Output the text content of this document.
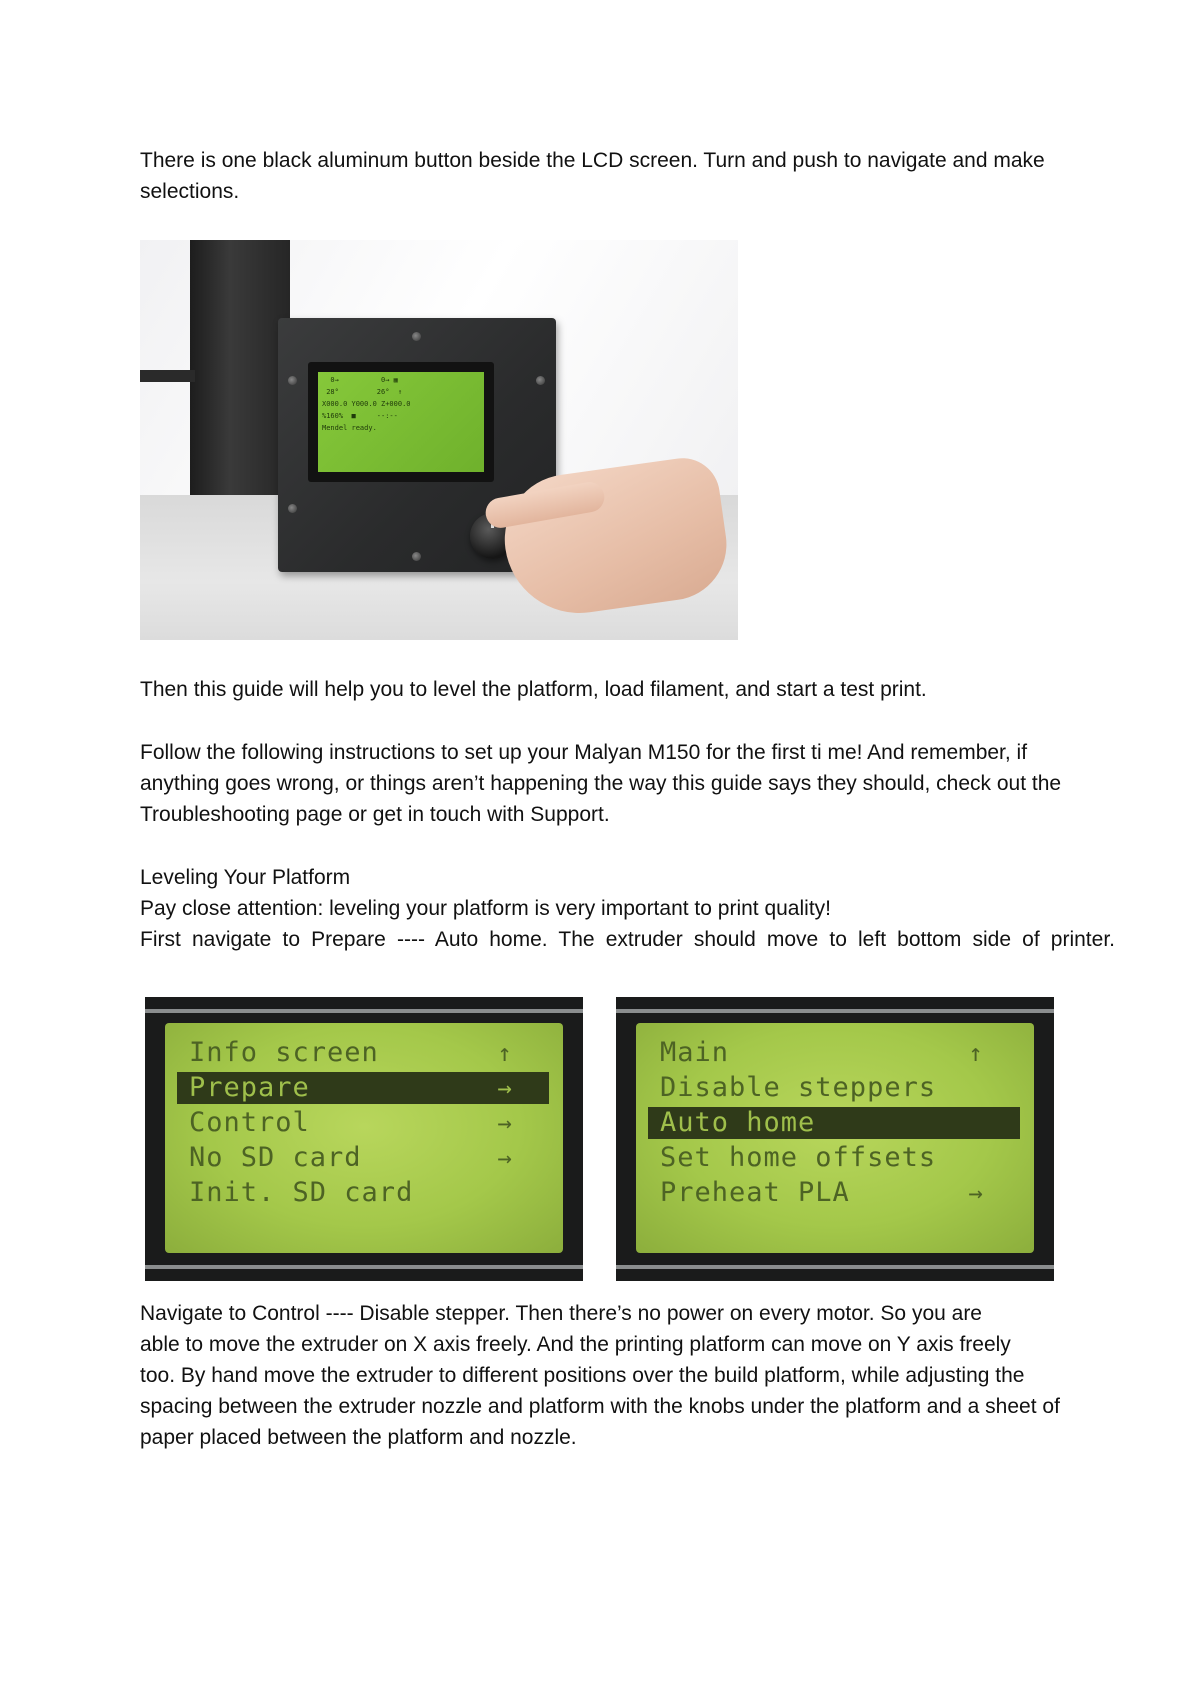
There is one black aluminum button beside the LCD screen. Turn and push to navigate and make
selections.

0→          0→ ▦
28°         26°  ↑
X000.0 Y000.0 Z+000.0
%160%  ■     --:--
Mendel ready.

Then this guide will help you to level the platform, load filament, and start a test print.

Follow the following instructions to set up your Malyan M150 for the first ti me! And remember, if
anything goes wrong, or things aren’t happening the way this guide says they should, check out the
Troubleshooting page or get in touch with Support.

Leveling Your Platform
Pay close attention: leveling your platform is very important to print quality!
First navigate to Prepare ---- Auto home. The extruder should move to left bottom side of printer.

Info screen	↑
Prepare	→
Control	→
No SD card	→
Init. SD card
Main	↑
Disable steppers
Auto home
Set home offsets
Preheat PLA	→

Navigate to Control ---- Disable stepper. Then there’s no power on every motor. So you are
able to move the extruder on X axis freely. And the printing platform can move on Y axis freely
too. By hand move the extruder to different positions over the build platform, while adjusting the
spacing between the extruder nozzle and platform with the knobs under the platform and a sheet of
paper placed between the platform and nozzle.
